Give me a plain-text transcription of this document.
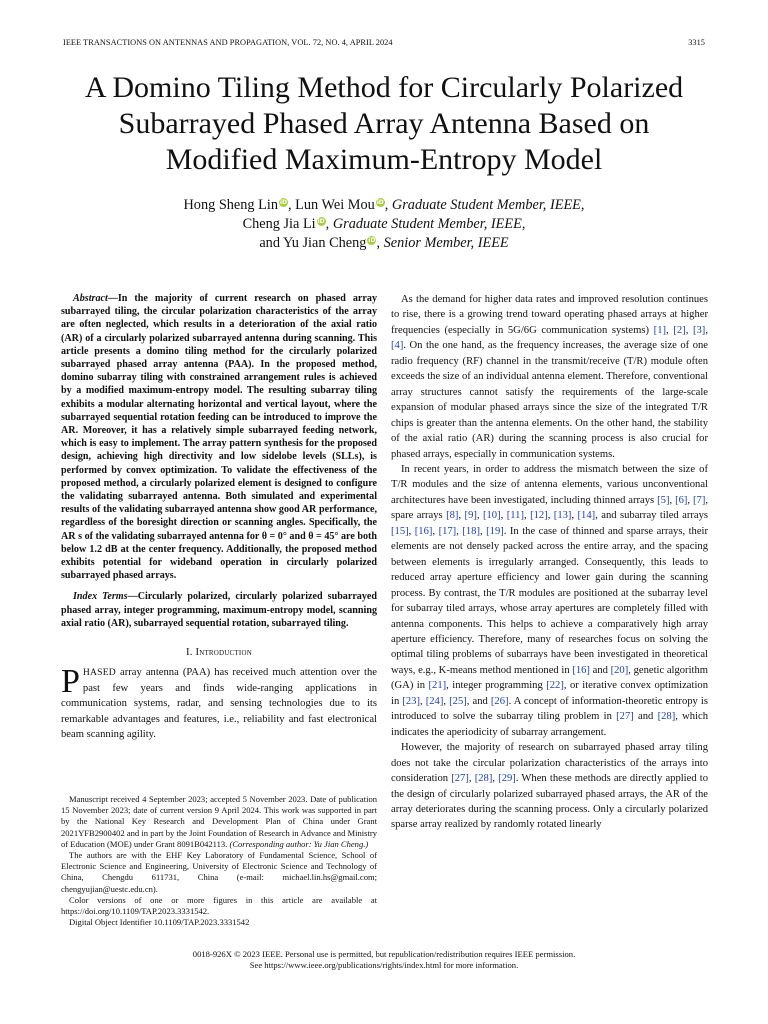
IEEE TRANSACTIONS ON ANTENNAS AND PROPAGATION, VOL. 72, NO. 4, APRIL 2024	3315
A Domino Tiling Method for Circularly Polarized
Subarrayed Phased Array Antenna Based on
Modified Maximum-Entropy Model
Hong Sheng Lin iD, Lun Wei Mou iD, Graduate Student Member, IEEE,
Cheng Jia Li iD, Graduate Student Member, IEEE,
and Yu Jian Cheng iD, Senior Member, IEEE

Abstract—In the majority of current research on phased array subarrayed tiling, the circular polarization characteristics of the array are often neglected, which results in a deterioration of the axial ratio (AR) of a circularly polarized subarrayed antenna during scanning. This article presents a domino tiling method for the circularly polarized subarrayed phased array antenna (PAA). In the proposed method, domino subarray tiling with constrained arrangement rules is achieved by a modified maximum-entropy model. The resulting subarray tiling exhibits a modular alternating horizontal and vertical layout, where the subarrayed sequential rotation feeding can be introduced to improve the AR. Moreover, it has a relatively simple subarrayed feeding network, which is easy to implement. The array pattern synthesis for the proposed design, achieving high directivity and low sidelobe levels (SLLs), is performed by convex optimization. To validate the effectiveness of the proposed method, a circularly polarized element is designed to configure the validating subarrayed antenna. Both simulated and experimental results of the validating subarrayed antenna show good AR performance, regardless of the boresight direction or scanning angles. Specifically, the AR s of the validating subarrayed antenna for θ = 0° and θ = 45° are both below 1.2 dB at the center frequency. Additionally, the proposed method exhibits potential for wideband operation in circularly polarized subarrayed phased arrays.

Index Terms—Circularly polarized, circularly polarized subarrayed phased array, integer programming, maximum-entropy model, scanning axial ratio (AR), subarrayed sequential rotation, subarrayed tiling.

I. Introduction

PHASED array antenna (PAA) has received much attention over the past few years and finds wide-ranging applications in communication systems, radar, and sensing technologies due to its remarkable advantages and features, i.e., reliability and fast electronical beam scanning agility.

Manuscript received 4 September 2023; accepted 5 November 2023. Date of publication 15 November 2023; date of current version 9 April 2024. This work was supported in part by the National Key Research and Development Plan of China under Grant 2021YFB2900402 and in part by the Joint Foundation of Research in Advance and Ministry of Education (MOE) under Grant 8091B042113. (Corresponding author: Yu Jian Cheng.)

The authors are with the EHF Key Laboratory of Fundamental Science, School of Electronic Science and Engineering, University of Electronic Science and Technology of China, Chengdu 611731, China (e-mail: michael.lin.hs@gmail.com; chengyujian@uestc.edu.cn).

Color versions of one or more figures in this article are available at https://doi.org/10.1109/TAP.2023.3331542.

Digital Object Identifier 10.1109/TAP.2023.3331542

As the demand for higher data rates and improved resolution continues to rise, there is a growing trend toward operating phased arrays at higher frequencies (especially in 5G/6G communication systems) [1], [2], [3], [4]. On the one hand, as the frequency increases, the average size of one radio frequency (RF) channel in the transmit/receive (T/R) module often exceeds the size of an individual antenna element. Therefore, conventional array structures cannot satisfy the requirements of the large-scale expansion of modular phased arrays since the size of the integrated T/R chips is greater than the antenna elements. On the other hand, the stability of the axial ratio (AR) during the scanning process is also crucial for phased arrays, especially in communication systems.

In recent years, in order to address the mismatch between the size of T/R modules and the size of antenna elements, various unconventional architectures have been investigated, including thinned arrays [5], [6], [7], spare arrays [8], [9], [10], [11], [12], [13], [14], and subarray tiled arrays [15], [16], [17], [18], [19]. In the case of thinned and sparse arrays, their elements are not densely packed across the entire array, and the spacing between elements is irregularly arranged. Consequently, this leads to reduced array aperture efficiency and lower gain during the scanning process. By contrast, the T/R modules are positioned at the subarray level for subarray tiled arrays, whose array apertures are completely filled with antenna components. This helps to achieve a comparatively high array aperture efficiency. Therefore, many of researches focus on solving the optimal tiling problems of subarrays have been investigated in theoretical ways, e.g., K-means method mentioned in [16] and [20], genetic algorithm (GA) in [21], integer programming [22], or iterative convex optimization in [23], [24], [25], and [26]. A concept of information-theoretic entropy is introduced to solve the subarray tiling problem in [27] and [28], which indicates the aperiodicity of subarray arrangement.

However, the majority of research on subarrayed phased array tiling does not take the circular polarization characteristics of the arrays into consideration [27], [28], [29]. When these methods are directly applied to the design of circularly polarized subarrayed phased arrays, the AR of the array deteriorates during the scanning process. Only a circularly polarized sparse array realized by randomly rotated linearly

0018-926X © 2023 IEEE. Personal use is permitted, but republication/redistribution requires IEEE permission.
See https://www.ieee.org/publications/rights/index.html for more information.
